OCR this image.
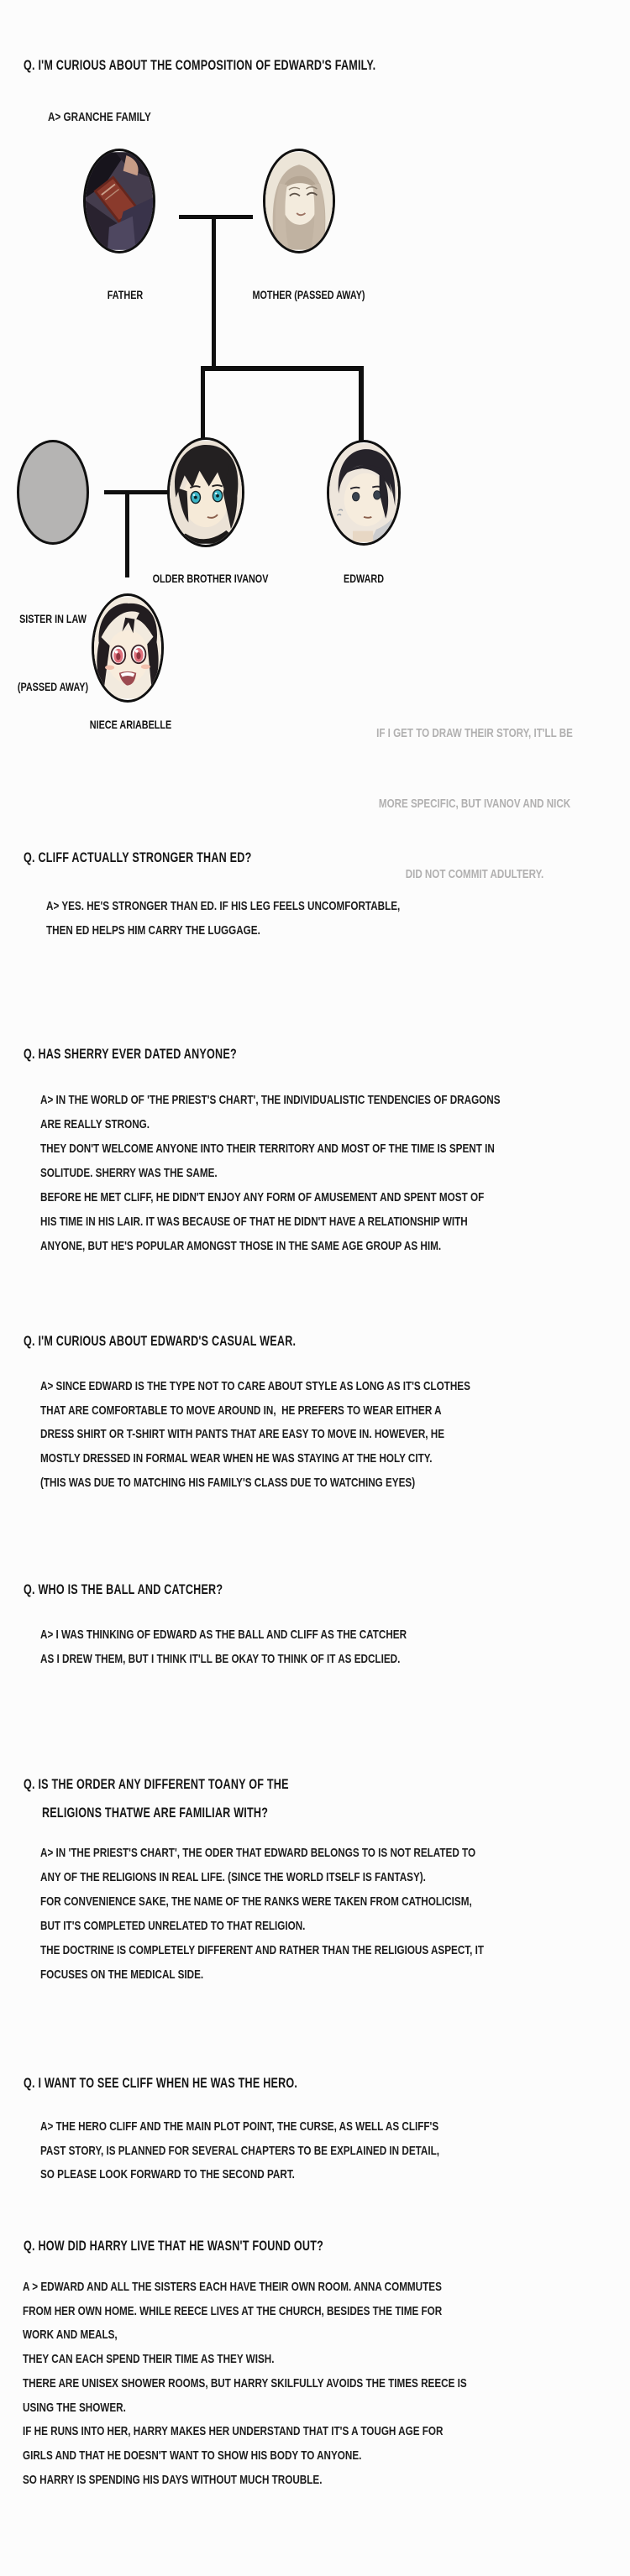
Q. I'M CURIOUS ABOUT THE COMPOSITION OF EDWARD'S FAMILY.
A> GRANCHE FAMILY
FATHER	MOTHER (PASSED AWAY)

SISTER IN LAW

(PASSED AWAY)

OLDER BROTHER IVANOV	EDWARD
NIECE ARIABELLE

IF I GET TO DRAW THEIR STORY, IT'LL BE

MORE SPECIFIC, BUT IVANOV AND NICK

DID NOT COMMIT ADULTERY.

Q. CLIFF ACTUALLY STRONGER THAN ED?
A> YES. HE'S STRONGER THAN ED. IF HIS LEG FEELS UNCOMFORTABLE,
THEN ED HELPS HIM CARRY THE LUGGAGE.
Q. HAS SHERRY EVER DATED ANYONE?
A> IN THE WORLD OF 'THE PRIEST'S CHART', THE INDIVIDUALISTIC TENDENCIES OF DRAGONS
ARE REALLY STRONG.
THEY DON'T WELCOME ANYONE INTO THEIR TERRITORY AND MOST OF THE TIME IS SPENT IN
SOLITUDE. SHERRY WAS THE SAME.
BEFORE HE MET CLIFF, HE DIDN'T ENJOY ANY FORM OF AMUSEMENT AND SPENT MOST OF
HIS TIME IN HIS LAIR. IT WAS BECAUSE OF THAT HE DIDN'T HAVE A RELATIONSHIP WITH
ANYONE, BUT HE'S POPULAR AMONGST THOSE IN THE SAME AGE GROUP AS HIM.
Q. I'M CURIOUS ABOUT EDWARD'S CASUAL WEAR.
A> SINCE EDWARD IS THE TYPE NOT TO CARE ABOUT STYLE AS LONG AS IT'S CLOTHES
THAT ARE COMFORTABLE TO MOVE AROUND IN,  HE PREFERS TO WEAR EITHER A
DRESS SHIRT OR T-SHIRT WITH PANTS THAT ARE EASY TO MOVE IN. HOWEVER, HE
MOSTLY DRESSED IN FORMAL WEAR WHEN HE WAS STAYING AT THE HOLY CITY.
(THIS WAS DUE TO MATCHING HIS FAMILY'S CLASS DUE TO WATCHING EYES)
Q. WHO IS THE BALL AND CATCHER?
A> I WAS THINKING OF EDWARD AS THE BALL AND CLIFF AS THE CATCHER
AS I DREW THEM, BUT I THINK IT'LL BE OKAY TO THINK OF IT AS EDCLIED.
Q. IS THE ORDER ANY DIFFERENT TOANY OF THE
RELIGIONS THATWE ARE FAMILIAR WITH?
A> IN 'THE PRIEST'S CHART', THE ODER THAT EDWARD BELONGS TO IS NOT RELATED TO
ANY OF THE RELIGIONS IN REAL LIFE. (SINCE THE WORLD ITSELF IS FANTASY).
FOR CONVENIENCE SAKE, THE NAME OF THE RANKS WERE TAKEN FROM CATHOLICISM,
BUT IT'S COMPLETED UNRELATED TO THAT RELIGION.
THE DOCTRINE IS COMPLETELY DIFFERENT AND RATHER THAN THE RELIGIOUS ASPECT, IT
FOCUSES ON THE MEDICAL SIDE.
Q. I WANT TO SEE CLIFF WHEN HE WAS THE HERO.
A> THE HERO CLIFF AND THE MAIN PLOT POINT, THE CURSE, AS WELL AS CLIFF'S
PAST STORY, IS PLANNED FOR SEVERAL CHAPTERS TO BE EXPLAINED IN DETAIL,
SO PLEASE LOOK FORWARD TO THE SECOND PART.
Q. HOW DID HARRY LIVE THAT HE WASN'T FOUND OUT?
A > EDWARD AND ALL THE SISTERS EACH HAVE THEIR OWN ROOM. ANNA COMMUTES
FROM HER OWN HOME. WHILE REECE LIVES AT THE CHURCH, BESIDES THE TIME FOR
WORK AND MEALS,
THEY CAN EACH SPEND THEIR TIME AS THEY WISH.
THERE ARE UNISEX SHOWER ROOMS, BUT HARRY SKILFULLY AVOIDS THE TIMES REECE IS
USING THE SHOWER.
IF HE RUNS INTO HER, HARRY MAKES HER UNDERSTAND THAT IT'S A TOUGH AGE FOR
GIRLS AND THAT HE DOESN'T WANT TO SHOW HIS BODY TO ANYONE.
SO HARRY IS SPENDING HIS DAYS WITHOUT MUCH TROUBLE.
